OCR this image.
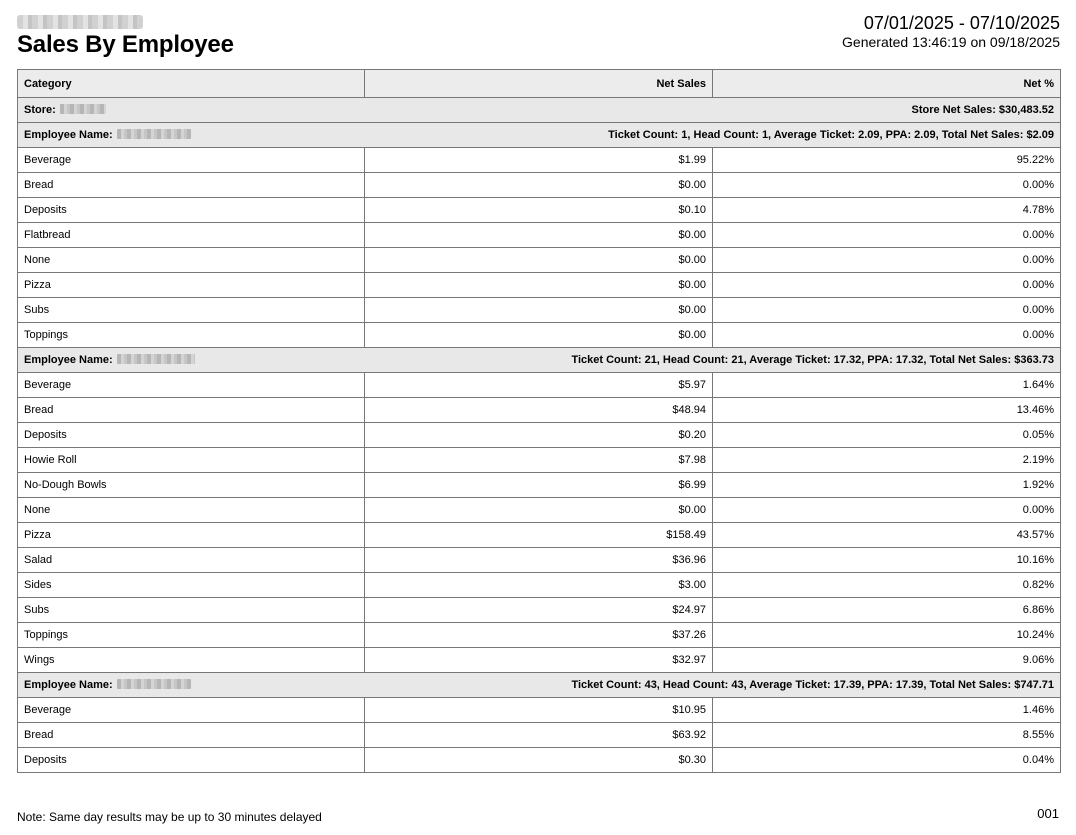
Sales By Employee
07/01/2025 - 07/10/2025
Generated 13:46:19 on 09/18/2025
Category	Net Sales	Net %

Store: Store Net Sales: $30,483.52		

Employee Name: Ticket Count: 1, Head Count: 1, Average Ticket: 2.09, PPA: 2.09, Total Net Sales: $2.09		

Beverage	$1.99	95.22%
Bread	$0.00	0.00%
Deposits	$0.10	4.78%
Flatbread	$0.00	0.00%
None	$0.00	0.00%
Pizza	$0.00	0.00%
Subs	$0.00	0.00%
Toppings	$0.00	0.00%

Employee Name: Ticket Count: 21, Head Count: 21, Average Ticket: 17.32, PPA: 17.32, Total Net Sales: $363.73		

Beverage	$5.97	1.64%
Bread	$48.94	13.46%
Deposits	$0.20	0.05%
Howie Roll	$7.98	2.19%
No-Dough Bowls	$6.99	1.92%
None	$0.00	0.00%
Pizza	$158.49	43.57%
Salad	$36.96	10.16%
Sides	$3.00	0.82%
Subs	$24.97	6.86%
Toppings	$37.26	10.24%
Wings	$32.97	9.06%

Employee Name: Ticket Count: 43, Head Count: 43, Average Ticket: 17.39, PPA: 17.39, Total Net Sales: $747.71		

Beverage	$10.95	1.46%
Bread	$63.92	8.55%
Deposits	$0.30	0.04%
Note: Same day results may be up to 30 minutes delayed	001
